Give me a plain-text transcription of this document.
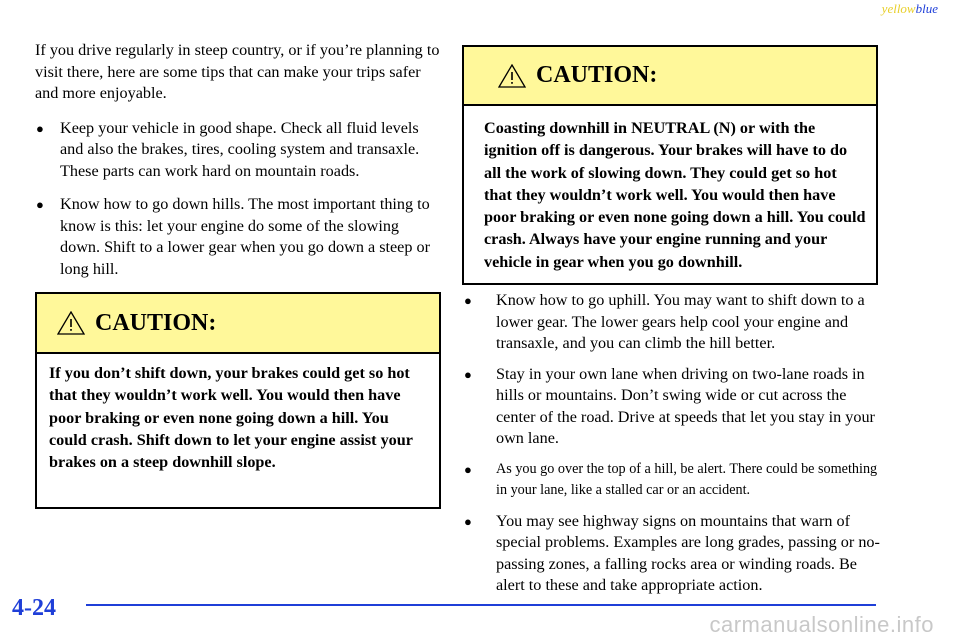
yellowblue

If you drive regularly in steep country, or if you’re planning to visit there, here are some tips that can make your trips safer and more enjoyable.

● Keep your vehicle in good shape. Check all fluid levels and also the brakes, tires, cooling system and transaxle. These parts can work hard on mountain roads.
● Know how to go down hills. The most important thing to know is this: let your engine do some of the slowing down. Shift to a lower gear when you go down a steep or long hill.
CAUTION:
If you don’t shift down, your brakes could get so hot that they wouldn’t work well. You would then have poor braking or even none going down a hill. You could crash. Shift down to let your engine assist your brakes on a steep downhill slope.
CAUTION:
Coasting downhill in NEUTRAL (N) or with the ignition off is dangerous. Your brakes will have to do all the work of slowing down. They could get so hot that they wouldn’t work well. You would then have poor braking or even none going down a hill. You could crash. Always have your engine running and your vehicle in gear when you go downhill.
● Know how to go uphill. You may want to shift down to a lower gear. The lower gears help cool your engine and transaxle, and you can climb the hill better.
● Stay in your own lane when driving on two-lane roads in hills or mountains. Don’t swing wide or cut across the center of the road. Drive at speeds that let you stay in your own lane.
● As you go over the top of a hill, be alert. There could be something in your lane, like a stalled car or an accident.
● You may see highway signs on mountains that warn of special problems. Examples are long grades, passing or no-passing zones, a falling rocks area or winding roads. Be alert to these and take appropriate action.
4-24
carmanualsonline.info
